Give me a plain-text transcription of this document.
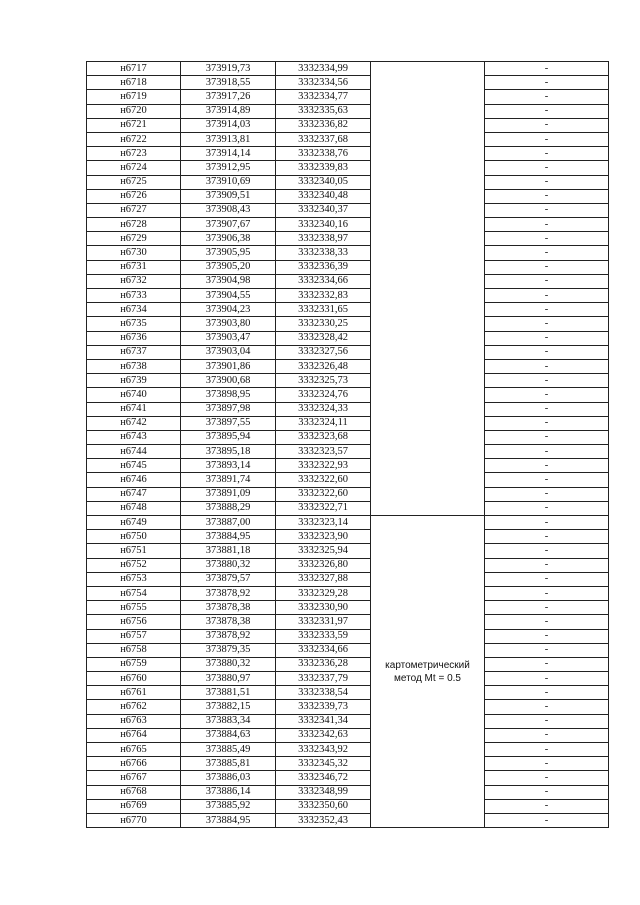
н6717	373919,73	3332334,99		-
н6718	373918,55	3332334,56		-
н6719	373917,26	3332334,77		-
н6720	373914,89	3332335,63		-
н6721	373914,03	3332336,82		-
н6722	373913,81	3332337,68		-
н6723	373914,14	3332338,76		-
н6724	373912,95	3332339,83		-
н6725	373910,69	3332340,05		-
н6726	373909,51	3332340,48		-
н6727	373908,43	3332340,37		-
н6728	373907,67	3332340,16		-
н6729	373906,38	3332338,97		-
н6730	373905,95	3332338,33		-
н6731	373905,20	3332336,39		-
н6732	373904,98	3332334,66		-
н6733	373904,55	3332332,83		-
н6734	373904,23	3332331,65		-
н6735	373903,80	3332330,25		-
н6736	373903,47	3332328,42		-
н6737	373903,04	3332327,56		-
н6738	373901,86	3332326,48		-
н6739	373900,68	3332325,73		-
н6740	373898,95	3332324,76		-
н6741	373897,98	3332324,33		-
н6742	373897,55	3332324,11		-
н6743	373895,94	3332323,68		-
н6744	373895,18	3332323,57		-
н6745	373893,14	3332322,93		-
н6746	373891,74	3332322,60		-
н6747	373891,09	3332322,60		-
н6748	373888,29	3332322,71		-
н6749	373887,00	3332323,14	картометрический
метод Mt = 0.5	-
н6750	373884,95	3332323,90		-
н6751	373881,18	3332325,94		-
н6752	373880,32	3332326,80		-
н6753	373879,57	3332327,88		-
н6754	373878,92	3332329,28		-
н6755	373878,38	3332330,90		-
н6756	373878,38	3332331,97		-
н6757	373878,92	3332333,59		-
н6758	373879,35	3332334,66		-
н6759	373880,32	3332336,28		-
н6760	373880,97	3332337,79		-
н6761	373881,51	3332338,54		-
н6762	373882,15	3332339,73		-
н6763	373883,34	3332341,34		-
н6764	373884,63	3332342,63		-
н6765	373885,49	3332343,92		-
н6766	373885,81	3332345,32		-
н6767	373886,03	3332346,72		-
н6768	373886,14	3332348,99		-
н6769	373885,92	3332350,60		-
н6770	373884,95	3332352,43		-
